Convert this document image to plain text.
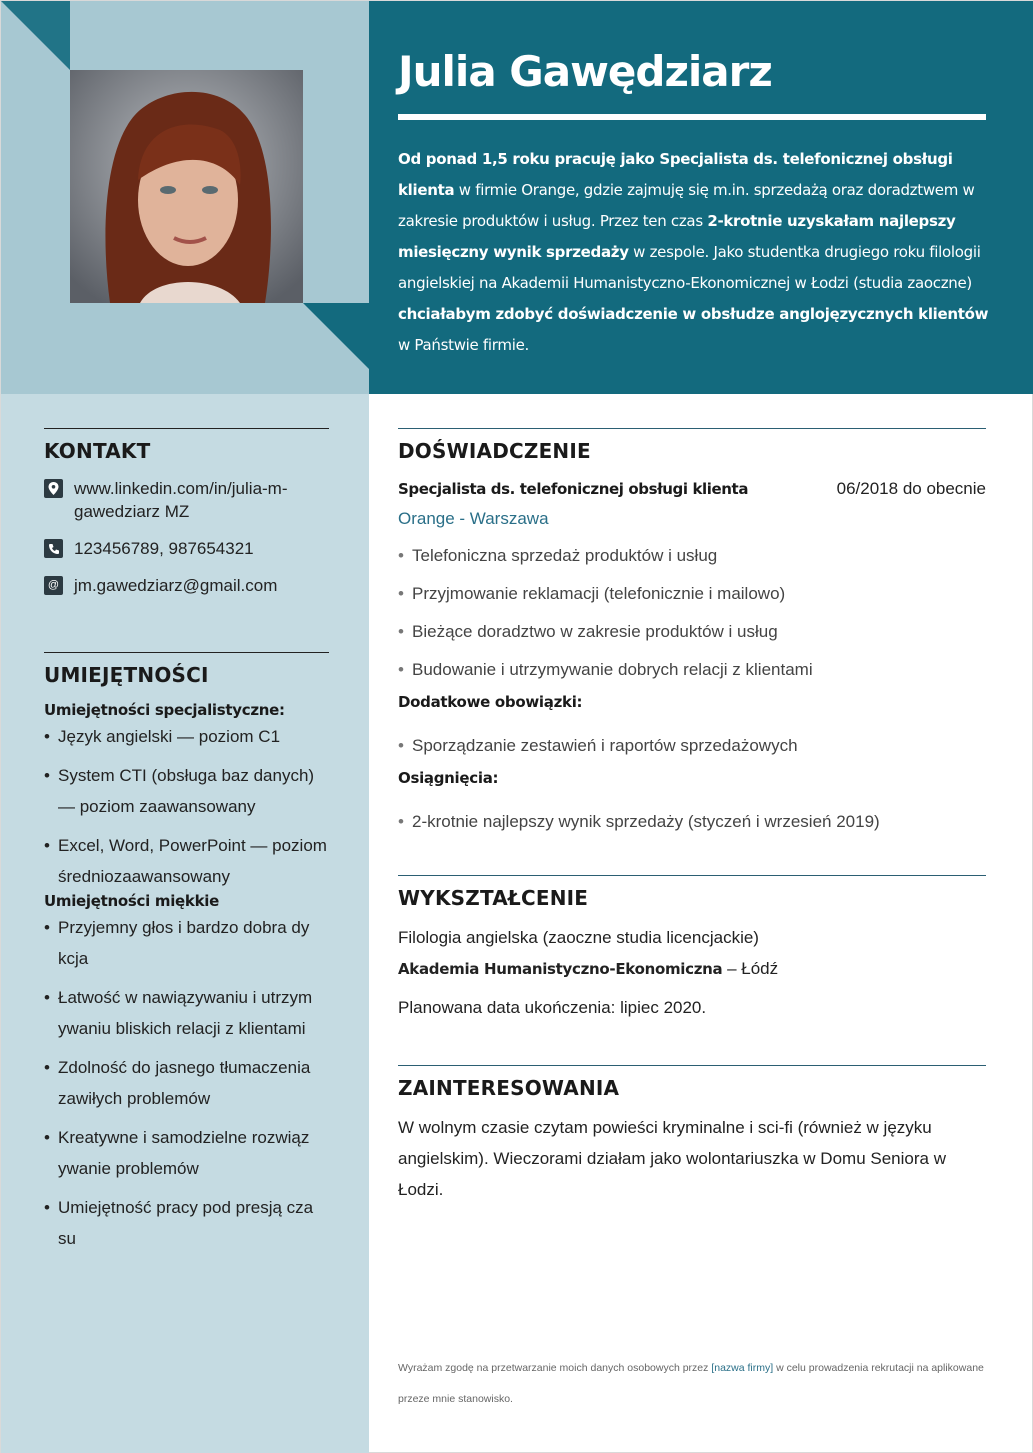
Julia Gawędziarz
Od ponad 1,5 roku pracuję jako Specjalista ds. telefonicznej obsługi klienta w firmie Orange, gdzie zajmuję się m.in. sprzedażą oraz doradztwem w zakresie produktów i usług. Przez ten czas 2-krotnie uzyskałam najlepszy miesięczny wynik sprzedaży w zespole. Jako studentka drugiego roku filologii angielskiej na Akademii Humanistyczno-Ekonomicznej w Łodzi (studia zaoczne) chciałabym zdobyć doświadczenie w obsłudze anglojęzycznych klientów w Państwie firmie.
KONTAKT
www.linkedin.com/in/julia-m-gawedziarz MZ
123456789, 987654321
@ jm.gawedziarz@gmail.com
UMIEJĘTNOŚCI
Umiejętności specjalistyczne:
• Język angielski — poziom C1
• System CTI (obsługa baz danych) — poziom zaawansowany
• Excel, Word, PowerPoint — poziom średniozaawansowany
Umiejętności miękkie
• Przyjemny głos i bardzo dobra dy kcja
• Łatwość w nawiązywaniu i utrzym ywaniu bliskich relacji z klientami
• Zdolność do jasnego tłumaczenia zawiłych problemów
• Kreatywne i samodzielne rozwiąz ywanie problemów
• Umiejętność pracy pod presją cza su
DOŚWIADCZENIE
Specjalista ds. telefonicznej obsługi klienta	06/2018 do obecnie
Orange - Warszawa
• Telefoniczna sprzedaż produktów i usług
• Przyjmowanie reklamacji (telefonicznie i mailowo)
• Bieżące doradztwo w zakresie produktów i usług
• Budowanie i utrzymywanie dobrych relacji z klientami
Dodatkowe obowiązki:
• Sporządzanie zestawień i raportów sprzedażowych
Osiągnięcia:
• 2-krotnie najlepszy wynik sprzedaży (styczeń i wrzesień 2019)
WYKSZTAŁCENIE
Filologia angielska (zaoczne studia licencjackie)
Akademia Humanistyczno-Ekonomiczna – Łódź
Planowana data ukończenia: lipiec 2020.
ZAINTERESOWANIA
W wolnym czasie czytam powieści kryminalne i sci-fi (również w języku angielskim). Wieczorami działam jako wolontariuszka w Domu Seniora w Łodzi.
Wyrażam zgodę na przetwarzanie moich danych osobowych przez [nazwa firmy] w celu prowadzenia rekrutacji na aplikowane przeze mnie stanowisko.
